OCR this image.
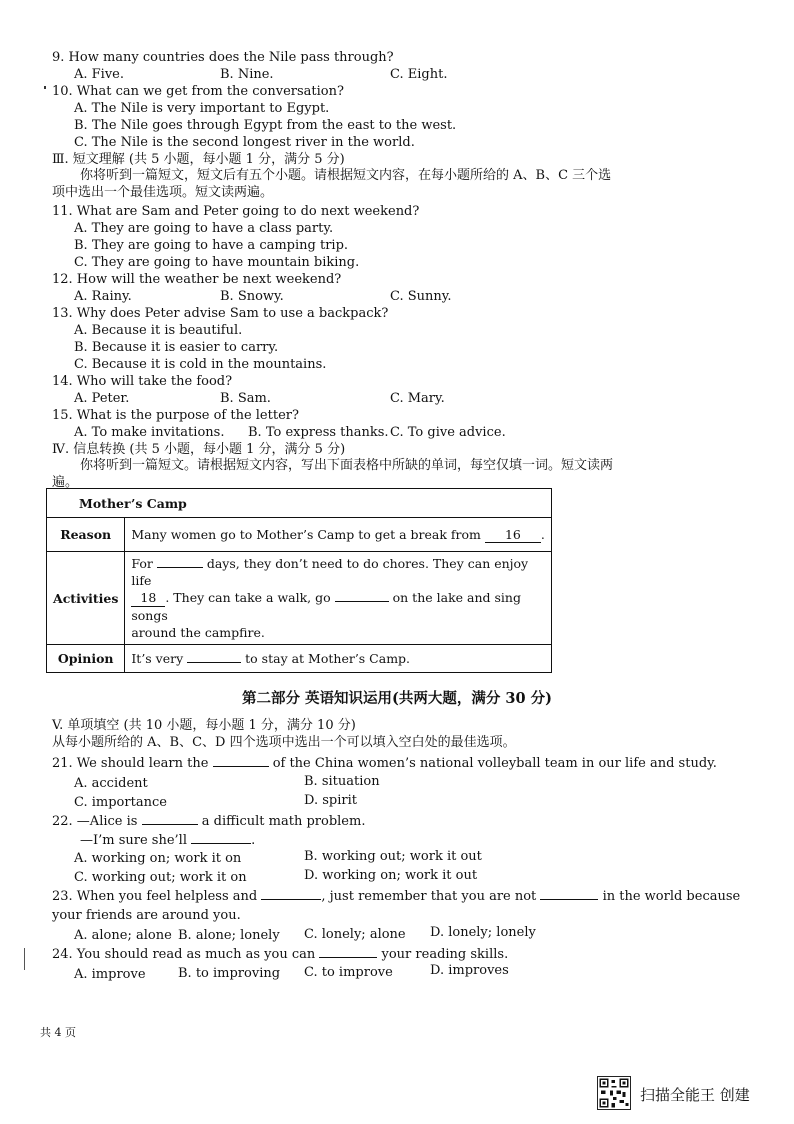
9. How many countries does the Nile pass through?
A. Five.	B. Nine.	C. Eight.
10. What can we get from the conversation?
A. The Nile is very important to Egypt.
B. The Nile goes through Egypt from the east to the west.
C. The Nile is the second longest river in the world.
Ⅲ. 短文理解 (共 5 小题，每小题 1 分，满分 5 分)
你将听到一篇短文，短文后有五个小题。请根据短文内容，在每小题所给的 A、B、C 三个选
项中选出一个最佳选项。短文读两遍。
11. What are Sam and Peter going to do next weekend?
A. They are going to have a class party.
B. They are going to have a camping trip.
C. They are going to have mountain biking.
12. How will the weather be next weekend?
A. Rainy.	B. Snowy.	C. Sunny.
13. Why does Peter advise Sam to use a backpack?
A. Because it is beautiful.
B. Because it is easier to carry.
C. Because it is cold in the mountains.
14. Who will take the food?
A. Peter.	B. Sam.	C. Mary.
15. What is the purpose of the letter?
A. To make invitations. B. To express thanks. C. To give advice.
Ⅳ. 信息转换 (共 5 小题，每小题 1 分，满分 5 分)
你将听到一篇短文。请根据短文内容，写出下面表格中所缺的单词，每空仅填一词。短文读两
遍。
Mother’s Camp	
Reason	Many women go to Mother’s Camp to get a break from 16 .
Activities	For days, they don’t need to do chores. They can enjoy life
18 . They can take a walk, go on the lake and sing songs
around the campfire.
Opinion	It’s very to stay at Mother’s Camp.
第二部分 英语知识运用(共两大题，满分 30 分)
V. 单项填空 (共 10 小题，每小题 1 分，满分 10 分)
从每小题所给的 A、B、C、D 四个选项中选出一个可以填入空白处的最佳选项。
21. We should learn the	of the China women’s national volleyball team in our life and study.
A. accident	B. situation
C. importance	D. spirit
22. —Alice is	a difficult math problem.
—I’m sure she’ll	.
A. working on; work it on	B. working out; work it out
C. working out; work it on	D. working on; work it out
23. When you feel helpless and	, just remember that you are not	in the world because
your friends are around you.
A. alone; alone B. alone; lonely C. lonely; alone D. lonely; lonely
24. You should read as much as you can	your reading skills.
A. improve B. to improving C. to improve	D. improves
共 4 页
扫描全能王 创建
